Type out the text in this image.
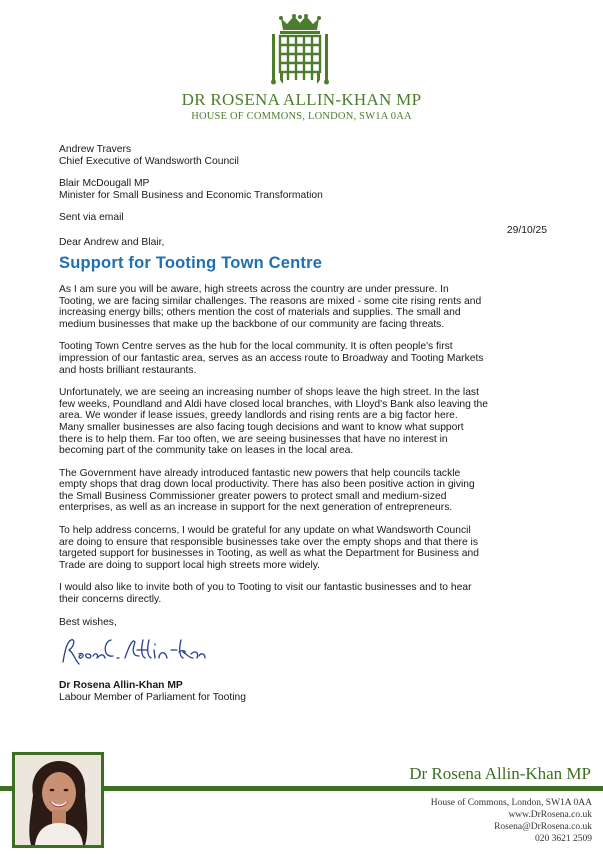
DR ROSENA ALLIN-KHAN MP
HOUSE OF COMMONS, LONDON, SW1A 0AA
Andrew Travers
Chief Executive of Wandsworth Council
Blair McDougall MP
Minister for Small Business and Economic Transformation
Sent via email
29/10/25
Dear Andrew and Blair,
Support for Tooting Town Centre
As I am sure you will be aware, high streets across the country are under pressure. In
Tooting, we are facing similar challenges. The reasons are mixed - some cite rising rents and
increasing energy bills; others mention the cost of materials and supplies. The small and
medium businesses that make up the backbone of our community are facing threats.
Tooting Town Centre serves as the hub for the local community. It is often people's first
impression of our fantastic area, serves as an access route to Broadway and Tooting Markets
and hosts brilliant restaurants.
Unfortunately, we are seeing an increasing number of shops leave the high street. In the last
few weeks, Poundland and Aldi have closed local branches, with Lloyd's Bank also leaving the
area. We wonder if lease issues, greedy landlords and rising rents are a big factor here.
Many smaller businesses are also facing tough decisions and want to know what support
there is to help them. Far too often, we are seeing businesses that have no interest in
becoming part of the community take on leases in the local area.
The Government have already introduced fantastic new powers that help councils tackle
empty shops that drag down local productivity. There has also been positive action in giving
the Small Business Commissioner greater powers to protect small and medium-sized
enterprises, as well as an increase in support for the next generation of entrepreneurs.
To help address concerns, I would be grateful for any update on what Wandsworth Council
are doing to ensure that responsible businesses take over the empty shops and that there is
targeted support for businesses in Tooting, as well as what the Department for Business and
Trade are doing to support local high streets more widely.
I would also like to invite both of you to Tooting to visit our fantastic businesses and to hear
their concerns directly.
Best wishes,
Dr Rosena Allin-Khan MP
Labour Member of Parliament for Tooting
Dr Rosena Allin-Khan MP
House of Commons, London, SW1A 0AA
www.DrRosena.co.uk
Rosena@DrRosena.co.uk
020 3621 2509
